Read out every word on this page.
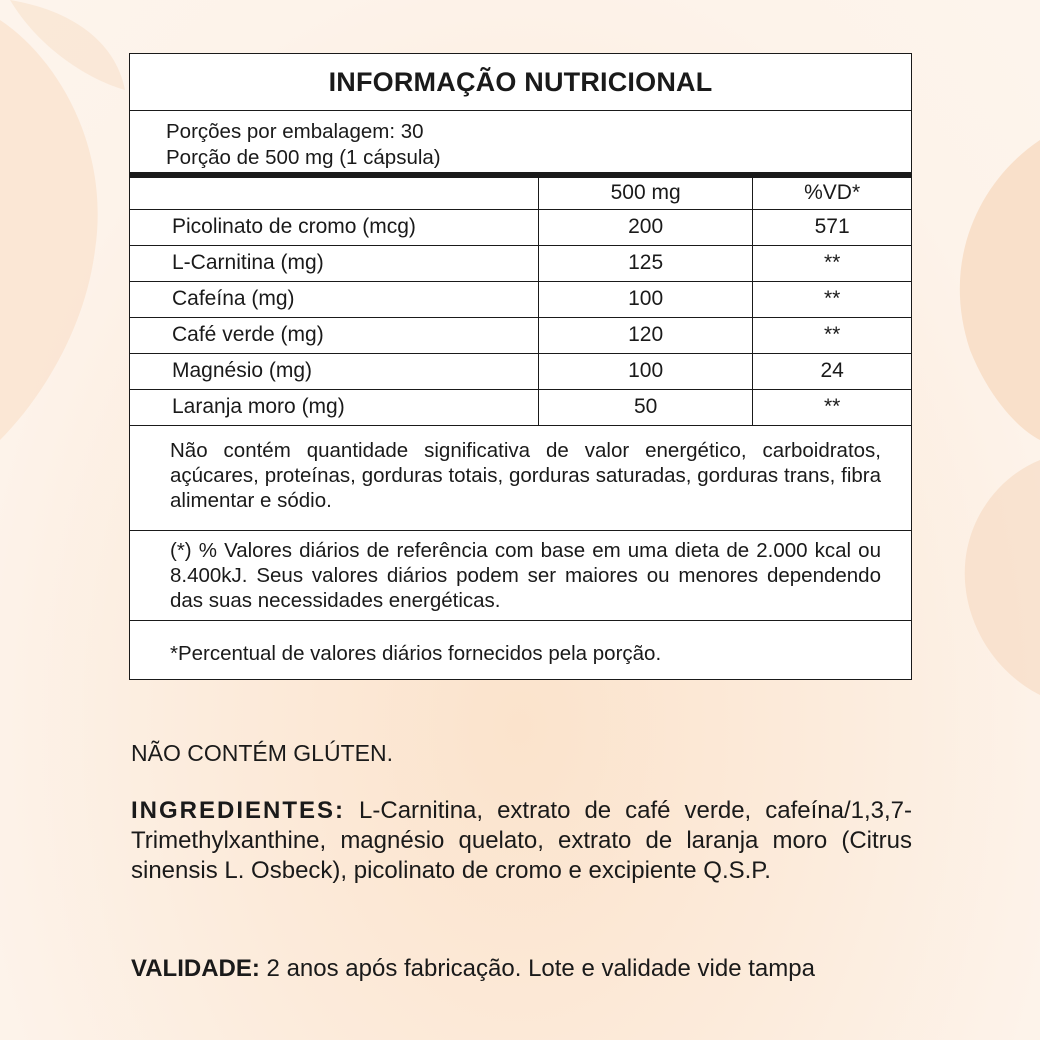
INFORMAÇÃO NUTRICIONAL
Porções por embalagem: 30
Porção de 500 mg (1 cápsula)
	500 mg	%VD*
Picolinato de cromo (mcg)	200	571
L-Carnitina (mg)	125	**
Cafeína (mg)	100	**
Café verde (mg)	120	**
Magnésio (mg)	100	24
Laranja moro (mg)	50	**
Não contém quantidade significativa de valor energético, carboidratos, açúcares, proteínas, gorduras totais, gorduras saturadas, gorduras trans, fibra alimentar e sódio.
(*) % Valores diários de referência com base em uma dieta de 2.000 kcal ou 8.400kJ. Seus valores diários podem ser maiores ou menores dependendo das suas necessidades energéticas.
*Percentual de valores diários fornecidos pela porção.
NÃO CONTÉM GLÚTEN.
INGREDIENTES: L-Carnitina, extrato de café verde, cafeína/1,3,7-Trimethylxanthine, magnésio quelato, extrato de laranja moro (Citrus sinensis L. Osbeck), picolinato de cromo e excipiente Q.S.P.
VALIDADE: 2 anos após fabricação. Lote e validade vide tampa
